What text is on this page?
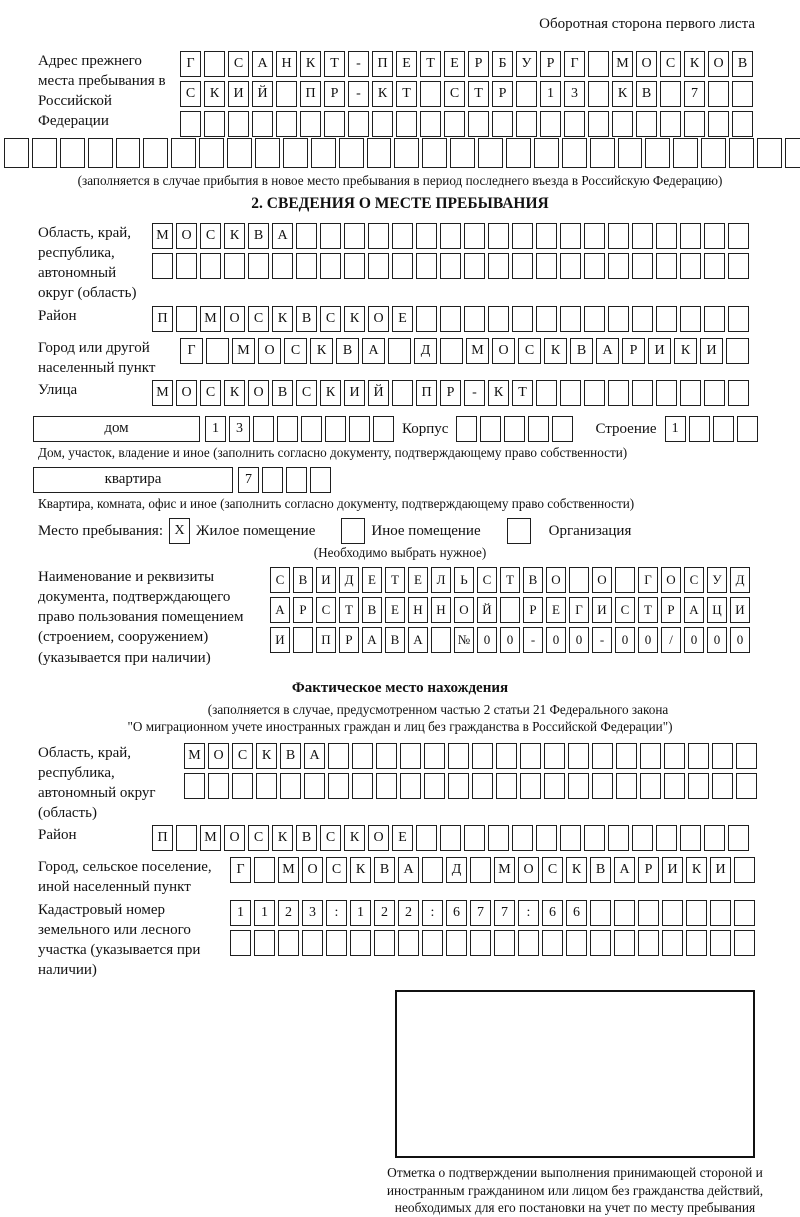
Оборотная сторона первого листа
Адрес прежнего места пребывания в Российской Федерации
Г	С	А Н	К	Т	-	П	Е	Т	Е	Р	Б	У	Р	Г	М О	С	К	О	В
С	К	И Й	П	Р	-	К	Т	С	Т	Р	1	3	К	В	7
(заполняется в случае прибытия в новое место пребывания в период последнего въезда в Российскую Федерацию)
2. СВЕДЕНИЯ О МЕСТЕ ПРЕБЫВАНИЯ
Область, край, республика, автономный округ (область)
М О	С	К	В	А
Район	П	М О	С	К	В	С	К	О	Е
Город или другой населенный пункт
Г	М	О	С	К	В	А	Д	М	О	С	К	В	А	Р	И	К	И
Улица	М О	С	К	О	В	С	К	И Й	П	Р	-	К	Т
дом	1	3	Корпус	Строение	1
Дом, участок, владение и иное (заполнить согласно документу, подтверждающему право собственности)
квартира	7
Квартира, комната, офис и иное (заполнить согласно документу, подтверждающему право собственности)
Место пребывания: X Жилое помещение	Иное помещение	Организация
(Необходимо выбрать нужное)
Наименование и реквизиты документа, подтверждающего право пользования помещением (строением, сооружением) (указывается при наличии)
С	В	И	Д	Е	Т	Е	Л	Ь	С	Т	В	О	О	Г	О	С	У	Д
А	Р	С	Т	В	Е	Н	Н	О	Й	Р	Е	Г	И	С	Т	Р	А	Ц	И
И	П	Р	А	В	А	№	0	0	-	0	0	-	0	0	/	0	0	0
Фактическое место нахождения
(заполняется в случае, предусмотренном частью 2 статьи 21 Федерального закона
"О миграционном учете иностранных граждан и лиц без гражданства в Российской Федерации")
Область, край, республика, автономный округ (область)
М О	С	К	В	А
Район	П	М О	С	К	В	С	К	О	Е
Город, сельское поселение, иной населенный пункт
Г	М О	С	К	В	А	Д	М О	С	К	В	А	Р	И	К	И
Кадастровый номер земельного или лесного участка (указывается при наличии)
1	1	2	3	:	1	2	2	:	6	7	7	:	6	6
Отметка о подтверждении выполнения принимающей стороной и иностранным гражданином или лицом без гражданства действий, необходимых для его постановки на учет по месту пребывания
